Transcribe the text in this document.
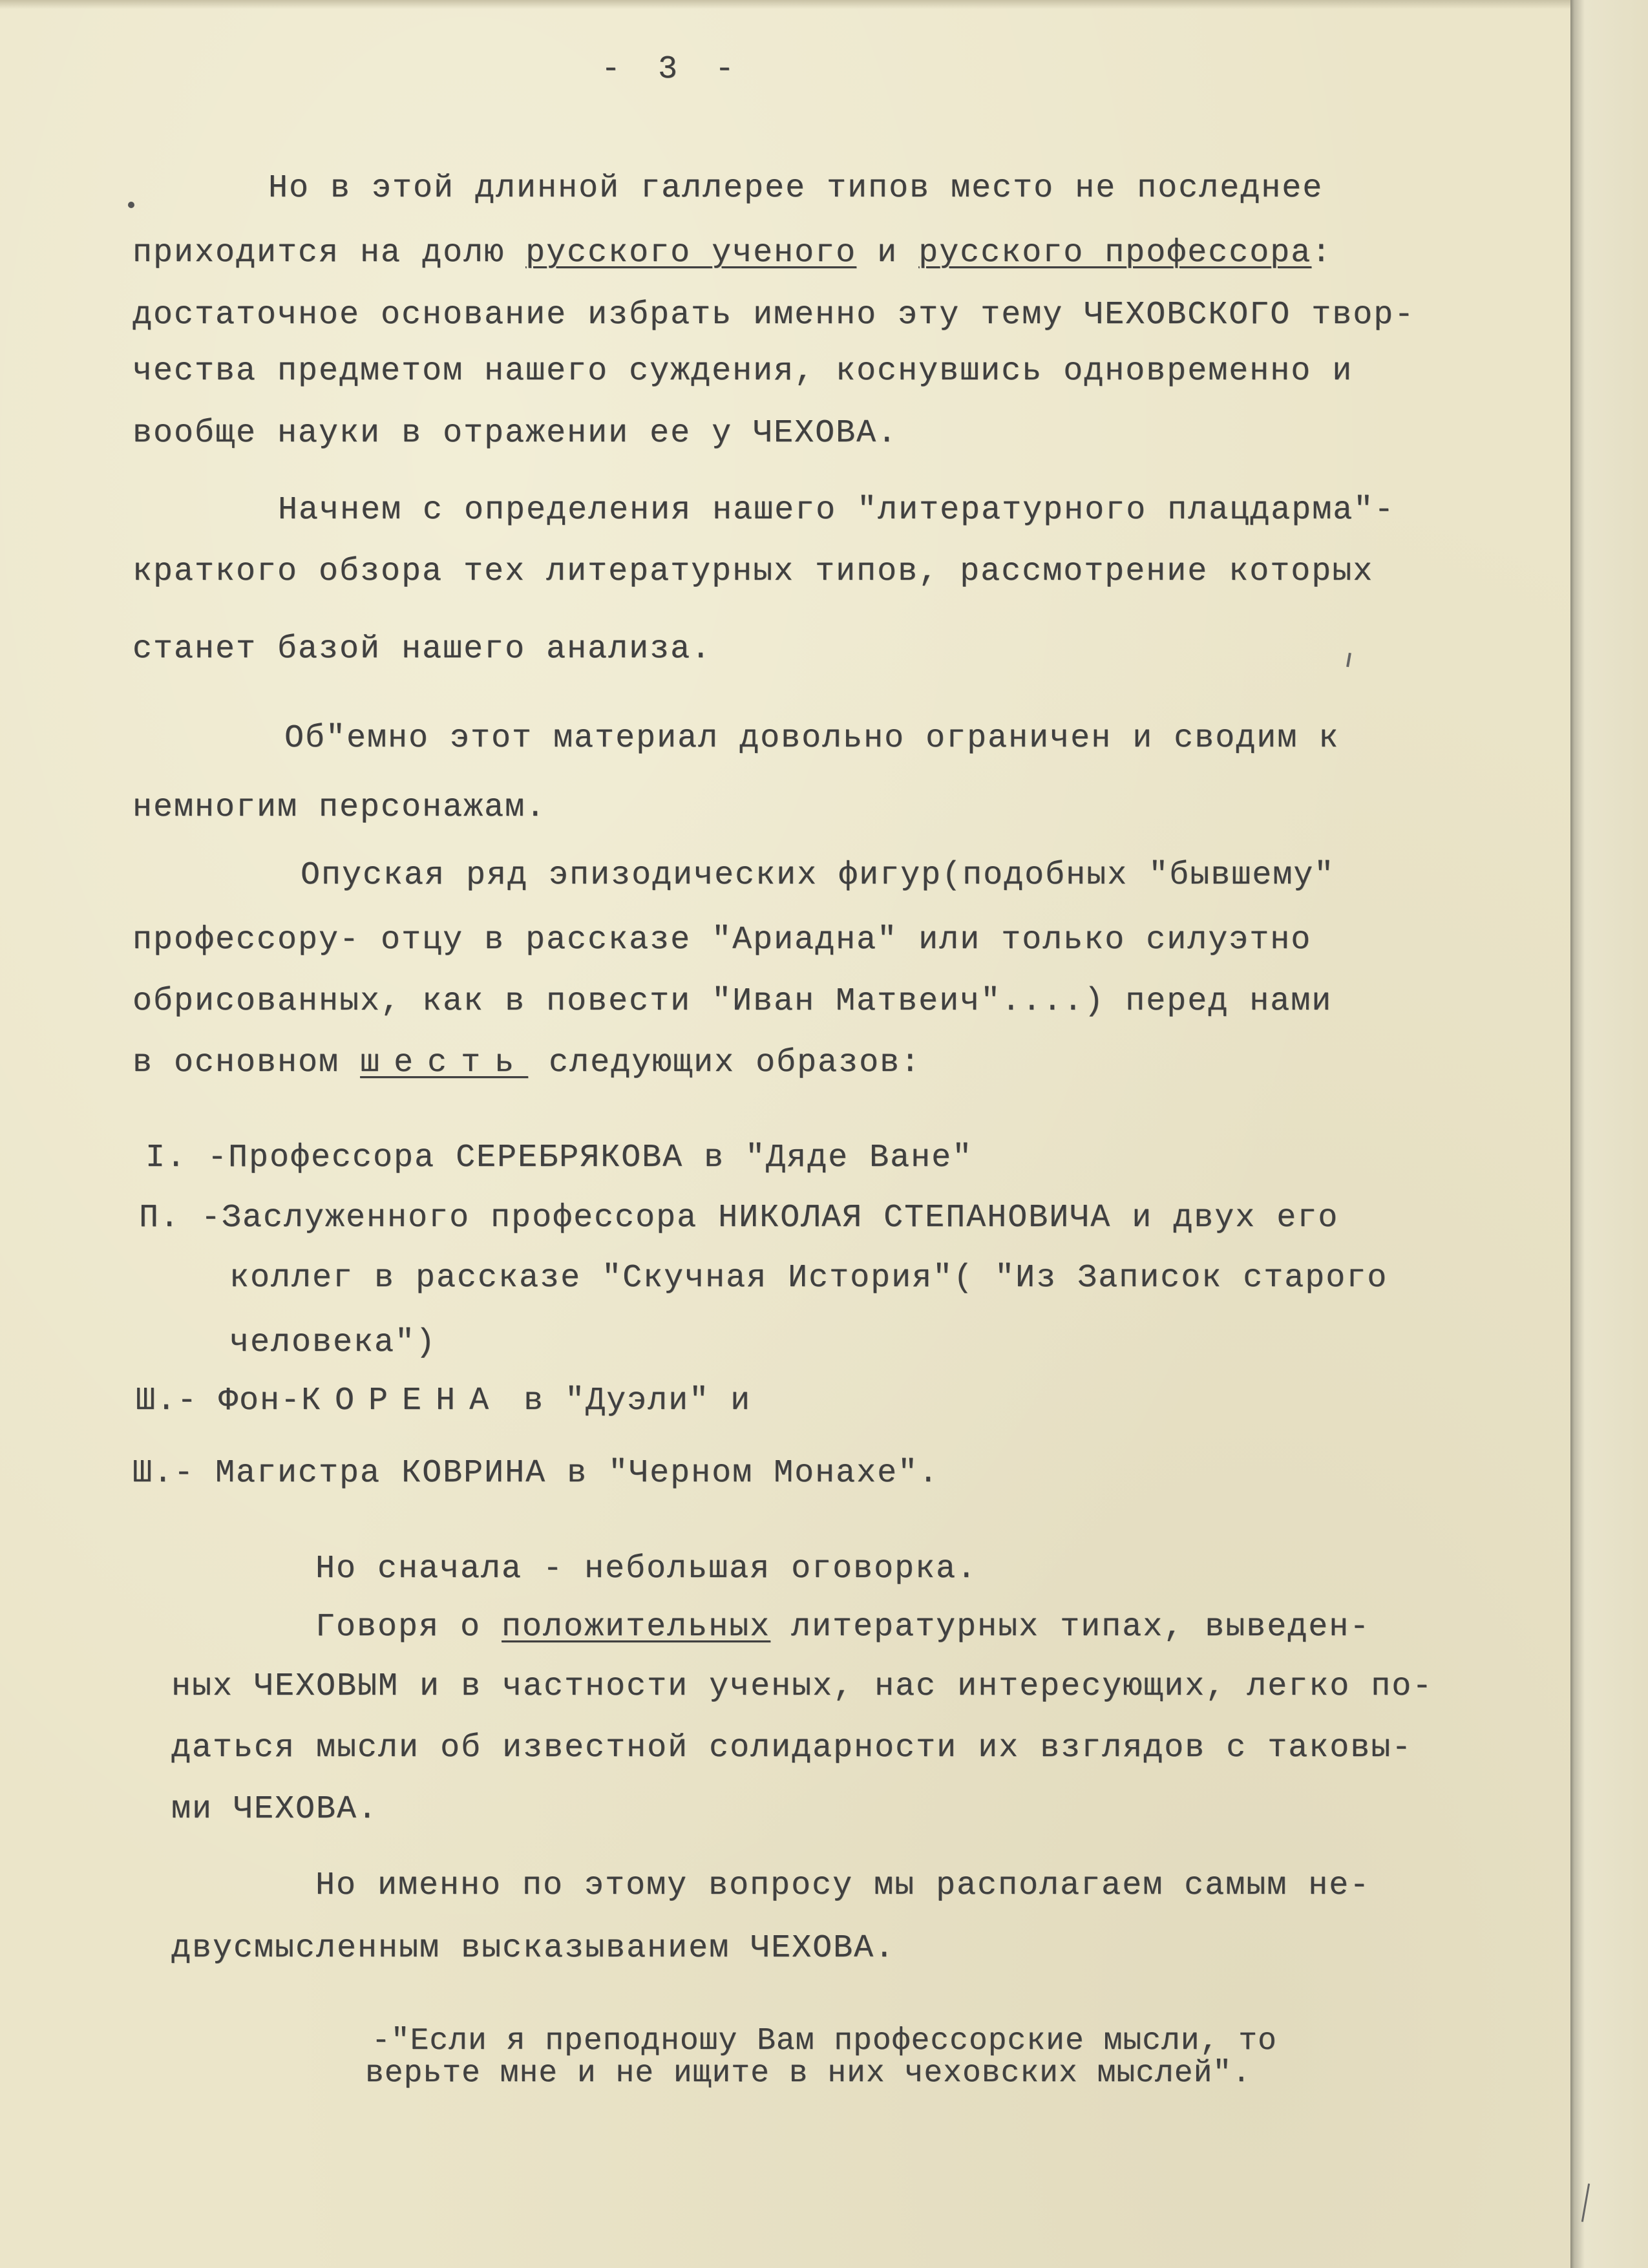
- 3 -
Но в этой длинной галлерее типов место не последнее
приходится на долю русского ученого и русского профессора:
достаточное основание избрать именно эту тему ЧЕХОВСКОГО твор-
чества предметом нашего суждения, коснувшись одновременно и
вообще науки в отражении ее у ЧЕХОВА.
Начнем с определения нашего "литературного плацдарма"-
краткого обзора тех литературных типов, рассмотрение которых
станет базой нашего анализа.
Об"емно этот материал довольно ограничен и сводим к
немногим персонажам.
Опуская ряд эпизодических фигур(подобных "бывшему"
профессору- отцу в рассказе "Ариадна" или только силуэтно
обрисованных, как в повести "Иван Матвеич"....) перед нами
в основном шесть следующих образов:
I. -Профессора СЕРЕБРЯКОВА в "Дяде Ване"
П. -Заслуженного профессора НИКОЛАЯ СТЕПАНОВИЧА и двух его
коллег в рассказе "Скучная История"( "Из Записок старого
человека")
Ш.- Фон-КОРЕНА в "Дуэли" и
Ш.- Магистра КОВРИНА в "Черном Монахе".
Но сначала - небольшая оговорка.
Говоря о положительных литературных типах, выведен-
ных ЧЕХОВЫМ и в частности ученых, нас интересующих, легко по-
даться мысли об известной солидарности их взглядов с таковы-
ми ЧЕХОВА.
Но именно по этому вопросу мы располагаем самым не-
двусмысленным высказыванием ЧЕХОВА.
-"Если я преподношу Вам профессорские мысли, то
верьте мне и не ищите в них чеховских мыслей".
